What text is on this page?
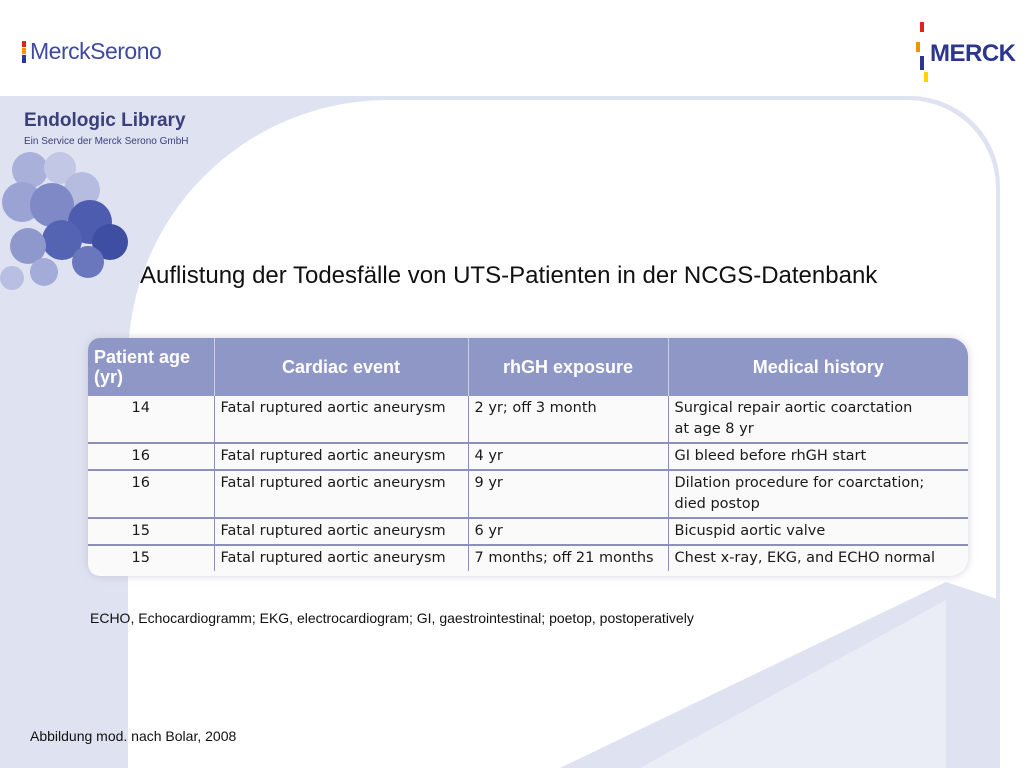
MerckSerono	MERCK
Endologic Library
Ein Service der Merck Serono GmbH
Auflistung der Todesfälle von UTS-Patienten in der NCGS-Datenbank
Patient age (yr)	Cardiac event	rhGH exposure	Medical history
14	Fatal ruptured aortic aneurysm	2 yr; off 3 month	Surgical repair aortic coarctation
at age 8 yr

16	Fatal ruptured aortic aneurysm	4 yr	GI bleed before rhGH start

16	Fatal ruptured aortic aneurysm	9 yr	Dilation procedure for coarctation;
died postop

15	Fatal ruptured aortic aneurysm	6 yr	Bicuspid aortic valve

15	Fatal ruptured aortic aneurysm	7 months; off 21 months	Chest x-ray, EKG, and ECHO normal
ECHO, Echocardiogramm; EKG, electrocardiogram; GI, gaestrointestinal; poetop, postoperatively
Abbildung mod. nach Bolar, 2008
